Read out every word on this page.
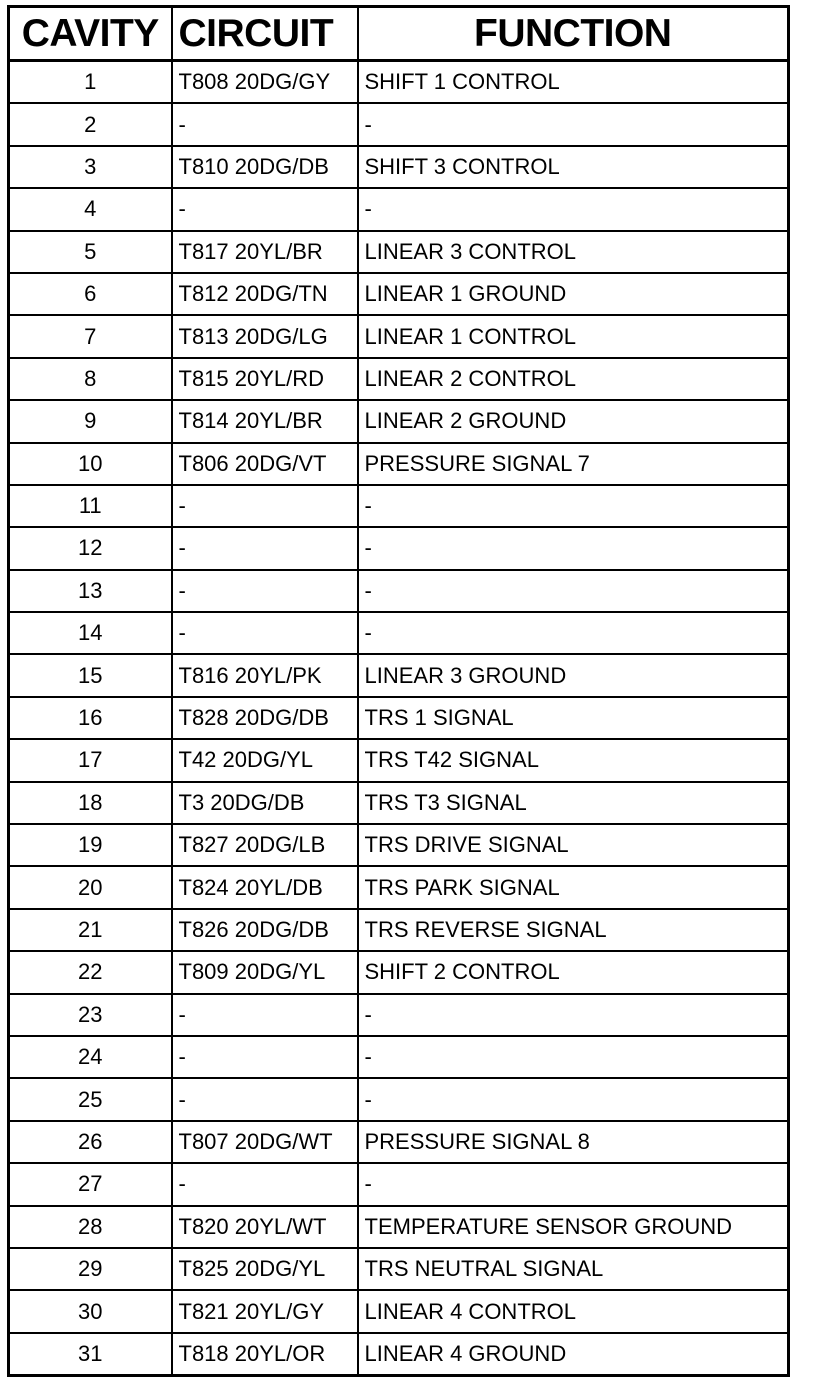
CAVITY	CIRCUIT	FUNCTION
1	T808 20DG/GY	SHIFT 1 CONTROL
2	-	-
3	T810 20DG/DB	SHIFT 3 CONTROL
4	-	-
5	T817 20YL/BR	LINEAR 3 CONTROL
6	T812 20DG/TN	LINEAR 1 GROUND
7	T813 20DG/LG	LINEAR 1 CONTROL
8	T815 20YL/RD	LINEAR 2 CONTROL
9	T814 20YL/BR	LINEAR 2 GROUND
10	T806 20DG/VT	PRESSURE SIGNAL 7
11	-	-
12	-	-
13	-	-
14	-	-
15	T816 20YL/PK	LINEAR 3 GROUND
16	T828 20DG/DB	TRS 1 SIGNAL
17	T42 20DG/YL	TRS T42 SIGNAL
18	T3 20DG/DB	TRS T3 SIGNAL
19	T827 20DG/LB	TRS DRIVE SIGNAL
20	T824 20YL/DB	TRS PARK SIGNAL
21	T826 20DG/DB	TRS REVERSE SIGNAL
22	T809 20DG/YL	SHIFT 2 CONTROL
23	-	-
24	-	-
25	-	-
26	T807 20DG/WT	PRESSURE SIGNAL 8
27	-	-
28	T820 20YL/WT	TEMPERATURE SENSOR GROUND
29	T825 20DG/YL	TRS NEUTRAL SIGNAL
30	T821 20YL/GY	LINEAR 4 CONTROL
31	T818 20YL/OR	LINEAR 4 GROUND
